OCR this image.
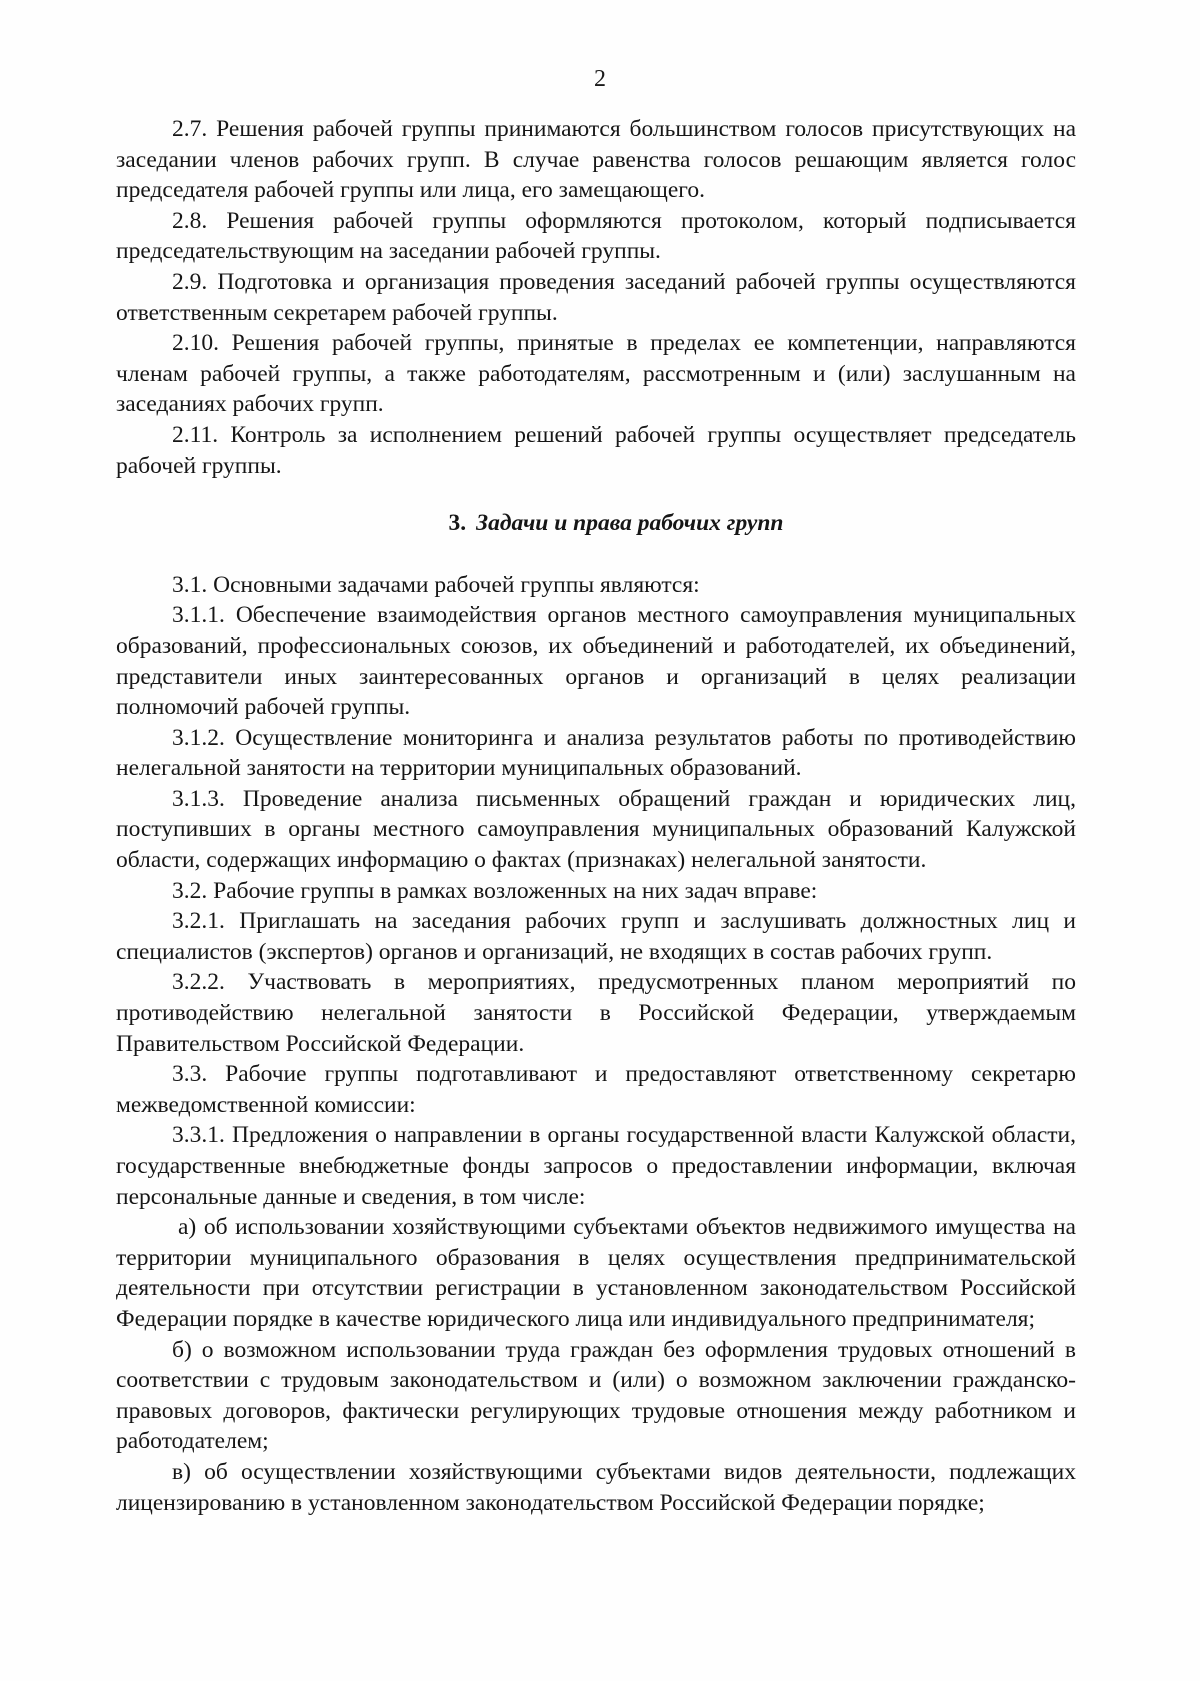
2

2.7. Решения рабочей группы принимаются большинством голосов присутствующих на заседании членов рабочих групп. В случае равенства голосов решающим является голос председателя рабочей группы или лица, его замещающего.

2.8. Решения рабочей группы оформляются протоколом, который подписывается председательствующим на заседании рабочей группы.

2.9. Подготовка и организация проведения заседаний рабочей группы осуществляются ответственным секретарем рабочей группы.

2.10. Решения рабочей группы, принятые в пределах ее компетенции, направляются членам рабочей группы, а также работодателям, рассмотренным и (или) заслушанным на заседаниях рабочих групп.

2.11. Контроль за исполнением решений рабочей группы осуществляет председатель рабочей группы.

3. Задачи и права рабочих групп

3.1. Основными задачами рабочей группы являются:

3.1.1. Обеспечение взаимодействия органов местного самоуправления муниципальных образований, профессиональных союзов, их объединений и работодателей, их объединений, представители иных заинтересованных органов и организаций в целях реализации полномочий рабочей группы.

3.1.2. Осуществление мониторинга и анализа результатов работы по противодействию нелегальной занятости на территории муниципальных образований.

3.1.3. Проведение анализа письменных обращений граждан и юридических лиц, поступивших в органы местного самоуправления муниципальных образований Калужской области, содержащих информацию о фактах (признаках) нелегальной занятости.

3.2. Рабочие группы в рамках возложенных на них задач вправе:

3.2.1. Приглашать на заседания рабочих групп и заслушивать должностных лиц и специалистов (экспертов) органов и организаций, не входящих в состав рабочих групп.

3.2.2. Участвовать в мероприятиях, предусмотренных планом мероприятий по противодействию нелегальной занятости в Российской Федерации, утверждаемым Правительством Российской Федерации.

3.3. Рабочие группы подготавливают и предоставляют ответственному секретарю межведомственной комиссии:

3.3.1. Предложения о направлении в органы государственной власти Калужской области, государственные внебюджетные фонды запросов о предоставлении информации, включая персональные данные и сведения, в том числе:

а) об использовании хозяйствующими субъектами объектов недвижимого имущества на территории муниципального образования в целях осуществления предпринимательской деятельности при отсутствии регистрации в установленном законодательством Российской Федерации порядке в качестве юридического лица или индивидуального предпринимателя;

б) о возможном использовании труда граждан без оформления трудовых отношений в соответствии с трудовым законодательством и (или) о возможном заключении гражданско-правовых договоров, фактически регулирующих трудовые отношения между работником и работодателем;

в) об осуществлении хозяйствующими субъектами видов деятельности, подлежащих лицензированию в установленном законодательством Российской Федерации порядке;
